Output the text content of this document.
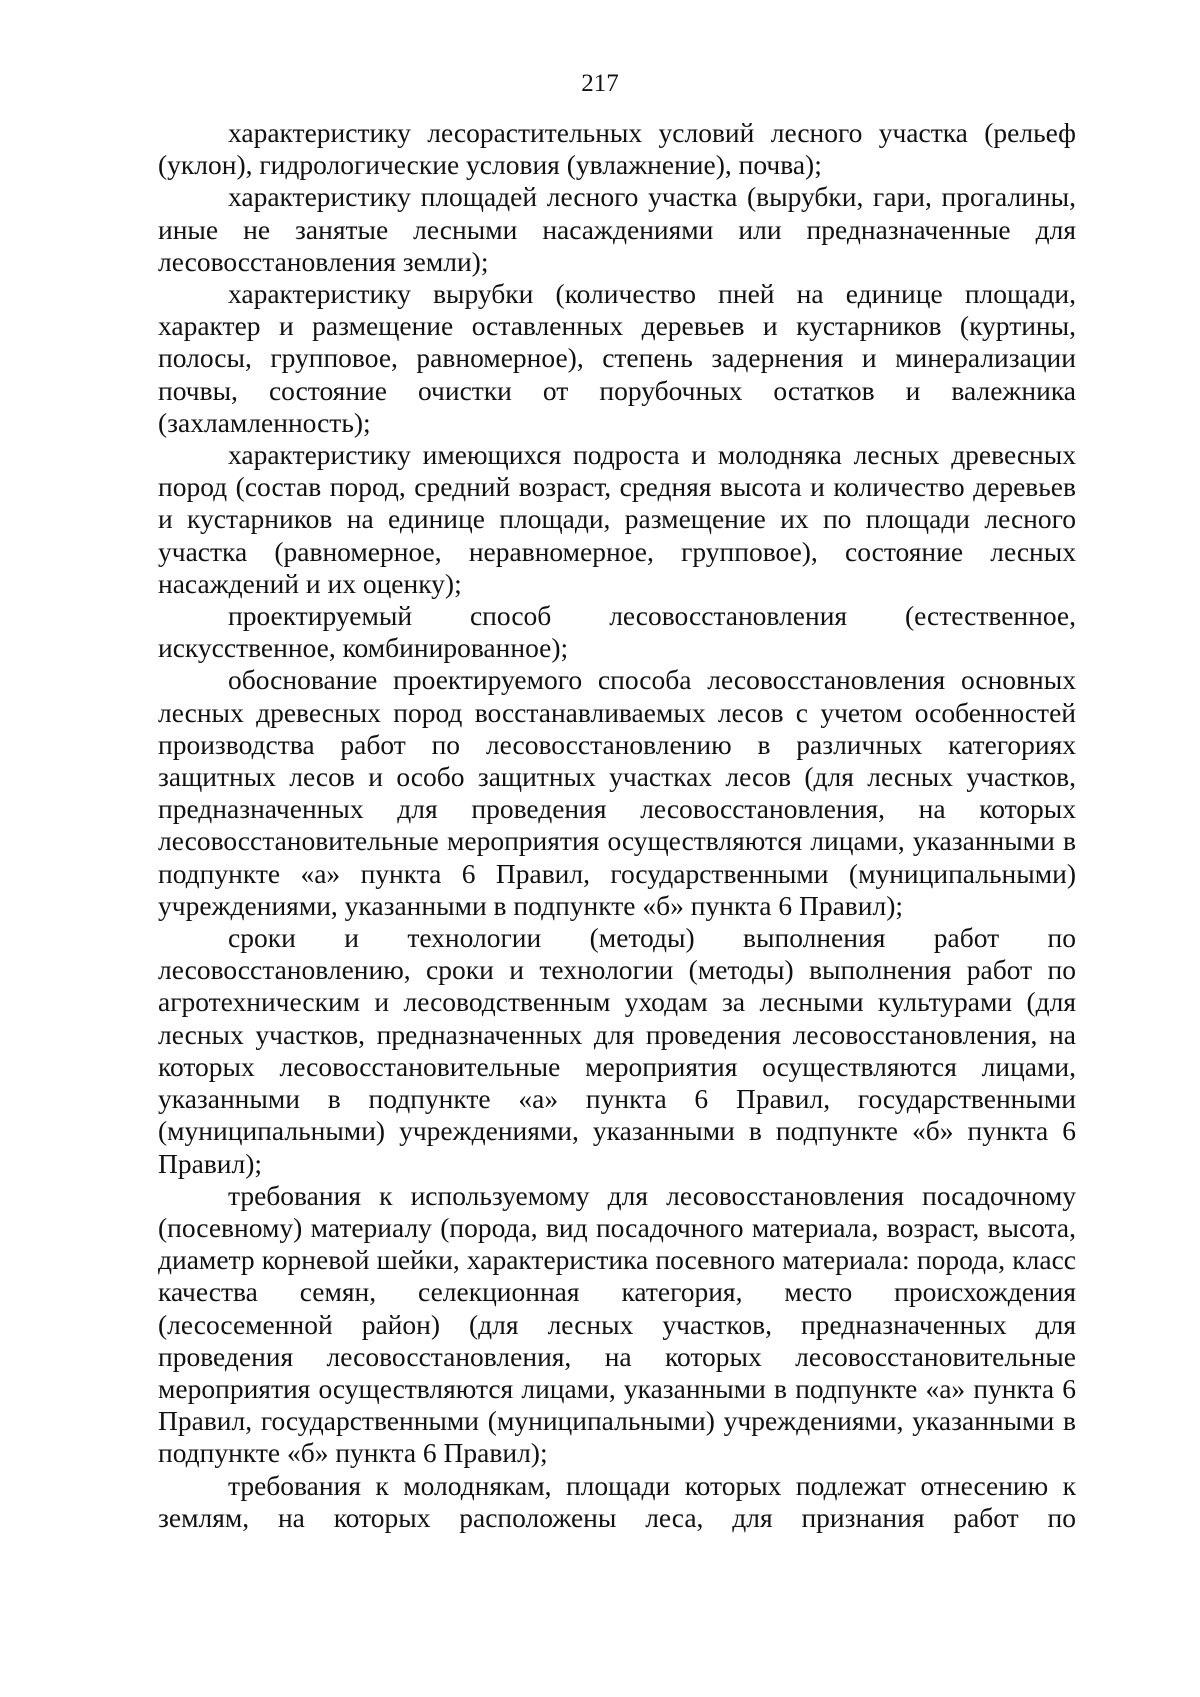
217

характеристику лесорастительных условий лесного участка (рельеф (уклон), гидрологические условия (увлажнение), почва);

характеристику площадей лесного участка (вырубки, гари, прогалины, иные не занятые лесными насаждениями или предназначенные для лесовосстановления земли);

характеристику вырубки (количество пней на единице площади, характер и размещение оставленных деревьев и кустарников (куртины, полосы, групповое, равномерное), степень задернения и минерализации почвы, состояние очистки от порубочных остатков и валежника (захламленность);

характеристику имеющихся подроста и молодняка лесных древесных пород (состав пород, средний возраст, средняя высота и количество деревьев и кустарников на единице площади, размещение их по площади лесного участка (равномерное, неравномерное, групповое), состояние лесных насаждений и их оценку);

проектируемый способ лесовосстановления (естественное, искусственное, комбинированное);

обоснование проектируемого способа лесовосстановления основных лесных древесных пород восстанавливаемых лесов с учетом особенностей производства работ по лесовосстановлению в различных категориях защитных лесов и особо защитных участках лесов (для лесных участков, предназначенных для проведения лесовосстановления, на которых лесовосстановительные мероприятия осуществляются лицами, указанными в подпункте «а» пункта 6 Правил, государственными (муниципальными) учреждениями, указанными в подпункте «б» пункта 6 Правил);

сроки и технологии (методы) выполнения работ по лесовосстановлению, сроки и технологии (методы) выполнения работ по агротехническим и лесоводственным уходам за лесными культурами (для лесных участков, предназначенных для проведения лесовосстановления, на которых лесовосстановительные мероприятия осуществляются лицами, указанными в подпункте «а» пункта 6 Правил, государственными (муниципальными) учреждениями, указанными в подпункте «б» пункта 6 Правил);

требования к используемому для лесовосстановления посадочному (посевному) материалу (порода, вид посадочного материала, возраст, высота, диаметр корневой шейки, характеристика посевного материала: порода, класс качества семян, селекционная категория, место происхождения (лесосеменной район) (для лесных участков, предназначенных для проведения лесовосстановления, на которых лесовосстановительные мероприятия осуществляются лицами, указанными в подпункте «а» пункта 6 Правил, государственными (муниципальными) учреждениями, указанными в подпункте «б» пункта 6 Правил);

требования к молоднякам, площади которых подлежат отнесению к землям, на которых расположены леса, для признания работ по
